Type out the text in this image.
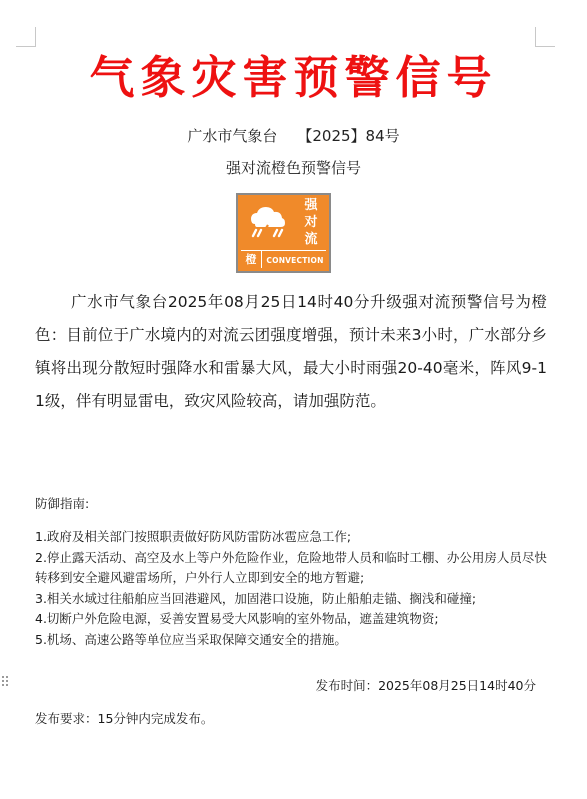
气象灾害预警信号
广水市气象台 【2025】84号
强对流橙色预警信号
强
对
流
橙	CONVECTION
广水市气象台2025年08月25日14时40分升级强对流预警信号为橙色：目前位于广水境内的对流云团强度增强，预计未来3小时，广水部分乡镇将出现分散短时强降水和雷暴大风，最大小时雨强20-40毫米，阵风9-11级，伴有明显雷电，致灾风险较高，请加强防范。
防御指南:
1.政府及相关部门按照职责做好防风防雷防冰雹应急工作;
2.停止露天活动、高空及水上等户外危险作业，危险地带人员和临时工棚、办公用房人员尽快转移到安全避风避雷场所，户外行人立即到安全的地方暂避;
3.相关水域过往船舶应当回港避风，加固港口设施，防止船舶走锚、搁浅和碰撞;
4.切断户外危险电源，妥善安置易受大风影响的室外物品，遮盖建筑物资;
5.机场、高速公路等单位应当采取保障交通安全的措施。
发布时间：2025年08月25日14时40分
发布要求：15分钟内完成发布。
